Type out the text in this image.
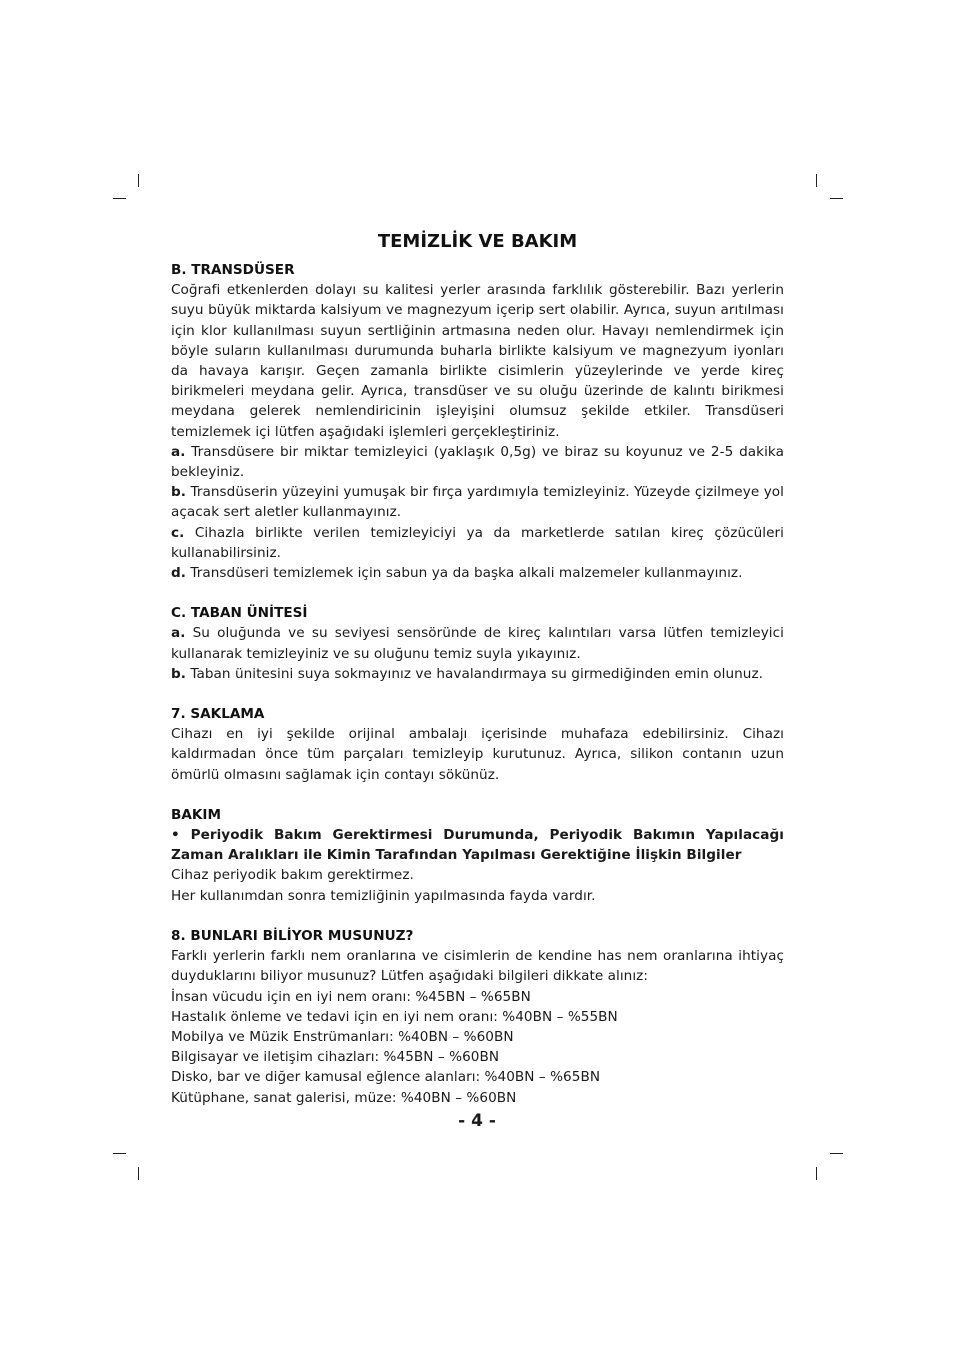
TEMİZLİK VE BAKIM
B. TRANSDÜSER

Coğrafi etkenlerden dolayı su kalitesi yerler arasında farklılık gösterebilir. Bazı yerlerin suyu büyük miktarda kalsiyum ve magnezyum içerip sert olabilir. Ayrıca, suyun arıtılması için klor kullanılması suyun sertliğinin artmasına neden olur. Havayı nemlendirmek için böyle suların kullanılması durumunda buharla birlikte kalsiyum ve magnezyum iyonları da havaya karışır. Geçen zamanla birlikte cisimlerin yüzeylerinde ve yerde kireç birikmeleri meydana gelir. Ayrıca, transdüser ve su oluğu üzerinde de kalıntı birikmesi meydana gelerek nemlendiricinin işleyişini olumsuz şekilde etkiler. Transdüseri temizlemek içi lütfen aşağıdaki işlemleri gerçekleştiriniz.

a. Transdüsere bir miktar temizleyici (yaklaşık 0,5g) ve biraz su koyunuz ve 2-5 dakika bekleyiniz.

b. Transdüserin yüzeyini yumuşak bir fırça yardımıyla temizleyiniz. Yüzeyde çizilmeye yol açacak sert aletler kullanmayınız.

c. Cihazla birlikte verilen temizleyiciyi ya da marketlerde satılan kireç çözücüleri kullanabilirsiniz.

d. Transdüseri temizlemek için sabun ya da başka alkali malzemeler kullanmayınız.

C. TABAN ÜNİTESİ

a. Su oluğunda ve su seviyesi sensöründe de kireç kalıntıları varsa lütfen temizleyici kullanarak temizleyiniz ve su oluğunu temiz suyla yıkayınız.

b. Taban ünitesini suya sokmayınız ve havalandırmaya su girmediğinden emin olunuz.

7. SAKLAMA

Cihazı en iyi şekilde orijinal ambalajı içerisinde muhafaza edebilirsiniz. Cihazı kaldırmadan önce tüm parçaları temizleyip kurutunuz. Ayrıca, silikon contanın uzun ömürlü olmasını sağlamak için contayı sökünüz.

BAKIM

• Periyodik Bakım Gerektirmesi Durumunda, Periyodik Bakımın Yapılacağı Zaman Aralıkları ile Kimin Tarafından Yapılması Gerektiğine İlişkin Bilgiler

Cihaz periyodik bakım gerektirmez.

Her kullanımdan sonra temizliğinin yapılmasında fayda vardır.

8. BUNLARI BİLİYOR MUSUNUZ?

Farklı yerlerin farklı nem oranlarına ve cisimlerin de kendine has nem oranlarına ihtiyaç duyduklarını biliyor musunuz? Lütfen aşağıdaki bilgileri dikkate alınız:

İnsan vücudu için en iyi nem oranı: %45BN – %65BN

Hastalık önleme ve tedavi için en iyi nem oranı: %40BN – %55BN

Mobilya ve Müzik Enstrümanları: %40BN – %60BN

Bilgisayar ve iletişim cihazları: %45BN – %60BN

Disko, bar ve diğer kamusal eğlence alanları: %40BN – %65BN

Kütüphane, sanat galerisi, müze: %40BN – %60BN

- 4 -
